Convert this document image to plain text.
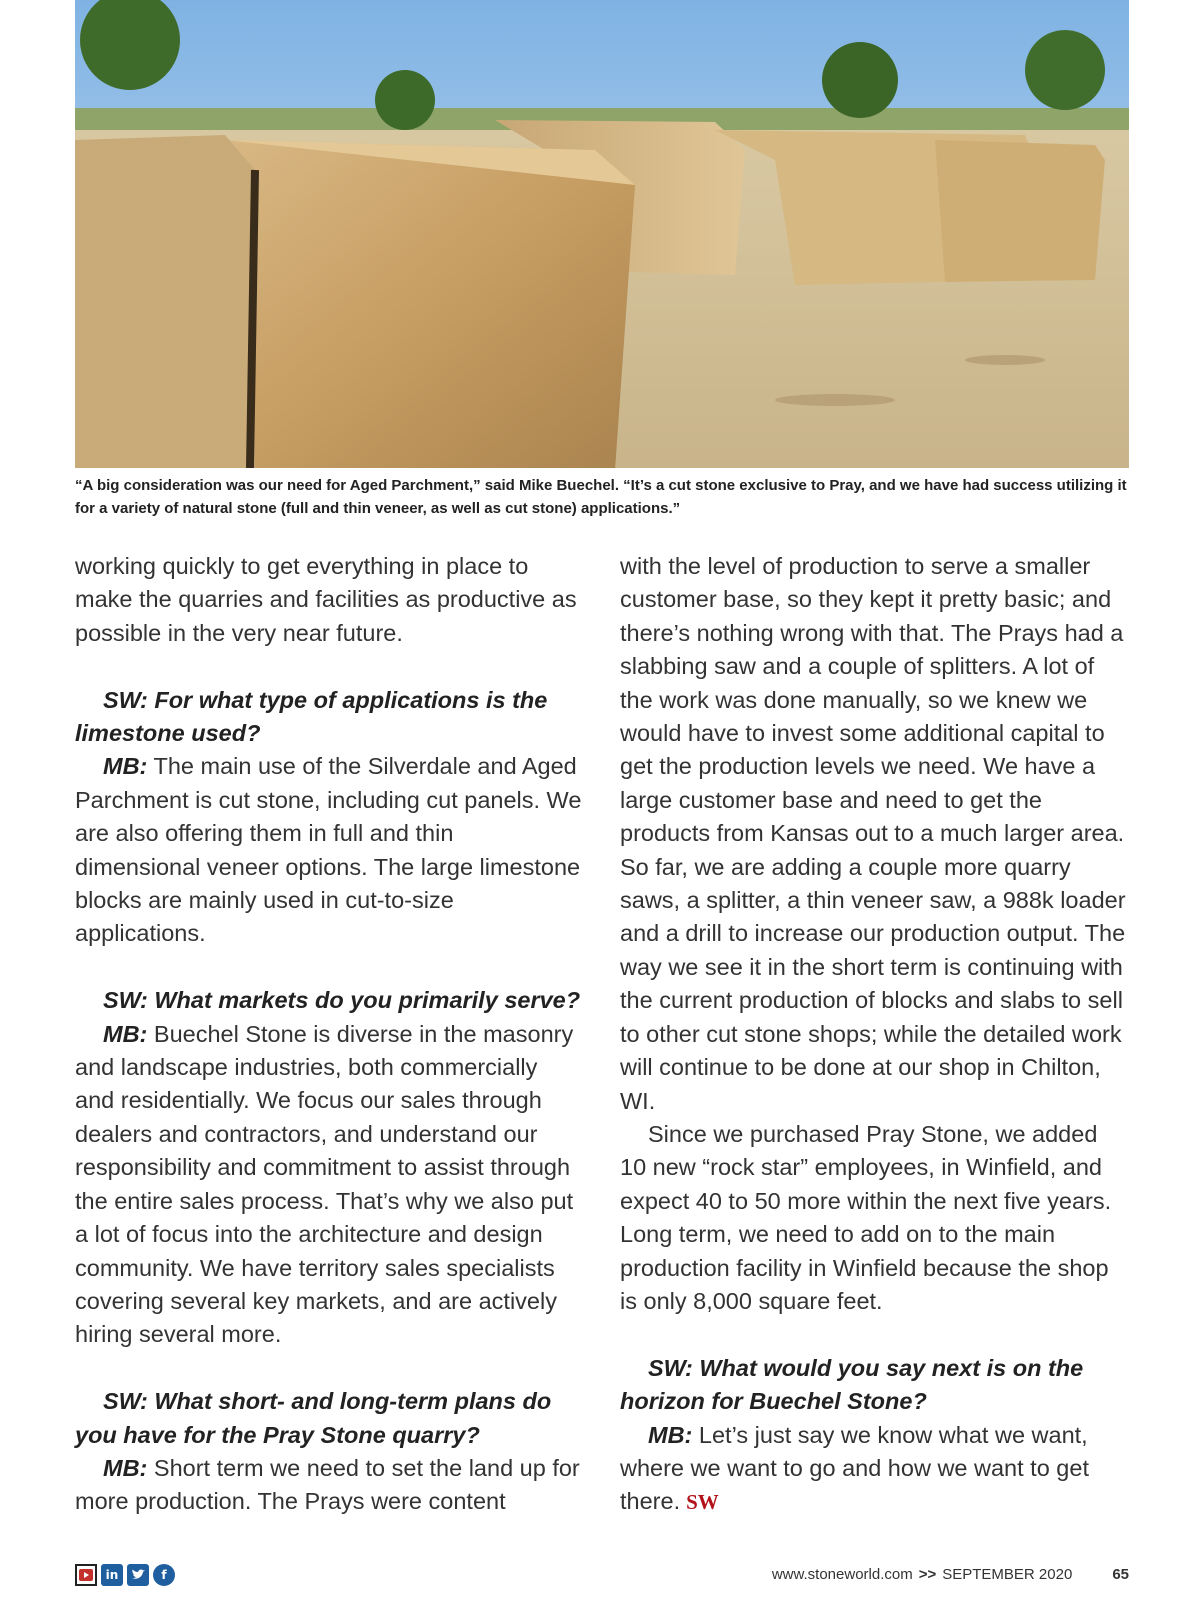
“A big consideration was our need for Aged Parchment,” said Mike Buechel. “It’s a cut stone exclusive to Pray, and we have had success utilizing it for a variety of natural stone (full and thin veneer, as well as cut stone) applications.”

working quickly to get everything in place to make the quarries and facilities as productive as possible in the very near future.

SW: For what type of applications is the limestone used?

MB: The main use of the Silverdale and Aged Parchment is cut stone, including cut panels. We are also offering them in full and thin dimensional veneer options. The large limestone blocks are mainly used in cut-to-size applications.

SW: What markets do you primarily serve?

MB: Buechel Stone is diverse in the masonry and landscape industries, both commercially and residentially. We focus our sales through dealers and contractors, and understand our responsibility and commitment to assist through the entire sales process. That’s why we also put a lot of focus into the architecture and design community. We have territory sales specialists covering several key markets, and are actively hiring several more.

SW: What short- and long-term plans do you have for the Pray Stone quarry?

MB: Short term we need to set the land up for more production. The Prays were content

with the level of production to serve a smaller customer base, so they kept it pretty basic; and there’s nothing wrong with that. The Prays had a slabbing saw and a couple of splitters. A lot of the work was done manually, so we knew we would have to invest some additional capital to get the production levels we need. We have a large customer base and need to get the products from Kansas out to a much larger area. So far, we are adding a couple more quarry saws, a splitter, a thin veneer saw, a 988k loader and a drill to increase our production output. The way we see it in the short term is continuing with the current production of blocks and slabs to sell to other cut stone shops; while the detailed work will continue to be done at our shop in Chilton, WI.

Since we purchased Pray Stone, we added 10 new “rock star” employees, in Winfield, and expect 40 to 50 more within the next five years. Long term, we need to add on to the main production facility in Winfield because the shop is only 8,000 square feet.

SW: What would you say next is on the horizon for Buechel Stone?

MB: Let’s just say we know what we want, where we want to go and how we want to get there. SW

in	f	www.stoneworld.com >> SEPTEMBER 2020	65
